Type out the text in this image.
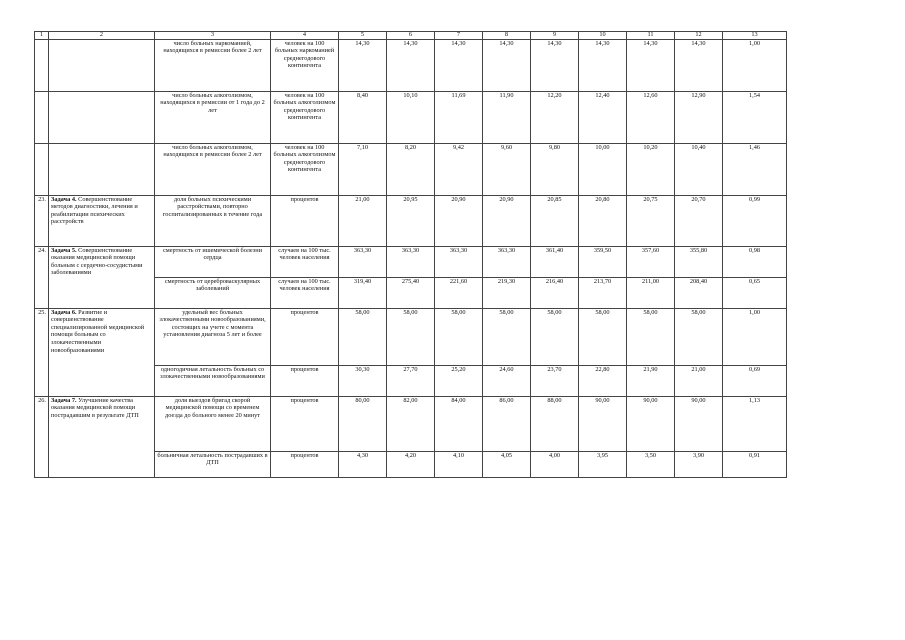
1	2	3	4	5	6	7	8	9	10	11	12	13
		число больных наркоманией, находящихся в ремиссии более 2 лет	человек на 100 больных наркоманией среднегодового контингента	14,30	14,30	14,30	14,30	14,30	14,30	14,30	14,30	1,00
		число больных алкоголизмом, находящихся в ремиссии от 1 года до 2 лет	человек на 100 больных алкоголизмом среднегодового контингента	8,40	10,10	11,69	11,90	12,20	12,40	12,60	12,90	1,54
		число больных алкоголизмом, находящихся в ремиссии более 2 лет	человек на 100 больных алкоголизмом среднегодового контингента	7,10	8,20	9,42	9,60	9,80	10,00	10,20	10,40	1,46
23.	Задача 4. Совершенствование методов диагностики, лечения и реабилитации психических расстройств	доля больных психическими расстройствами, повторно госпитализированных в течение года	процентов	21,00	20,95	20,90	20,90	20,85	20,80	20,75	20,70	0,99
24.	Задача 5. Совершенствование оказания медицинской помощи больным с сердечно-сосудистыми заболеваниями	смертность от ишемической болезни сердца	случаев на 100 тыс. человек населения	363,30	363,30	363,30	363,30	361,40	359,50	357,60	355,80	0,98
		смертность от цереброваскулярных заболеваний	случаев на 100 тыс. человек населения	319,40	275,40	221,60	219,30	216,40	213,70	211,00	208,40	0,65
25.	Задача 6. Развитие и совершенствование специализированной медицинской помощи больным со злокачественными новообразованиями	удельный вес больных злокачественными новообразованиями, состоящих на учете с момента установления диагноза 5 лет и более	процентов	58,00	58,00	58,00	58,00	58,00	58,00	58,00	58,00	1,00
		одногодичная летальность больных со злокачественными новообразованиями	процентов	30,30	27,70	25,20	24,60	23,70	22,80	21,90	21,00	0,69
26.	Задача 7. Улучшение качества оказания медицинской помощи пострадавшим в результате ДТП	доля выездов бригад скорой медицинской помощи со временем доезда до больного менее 20 минут	процентов	80,00	82,00	84,00	86,00	88,00	90,00	90,00	90,00	1,13
		больничная летальность пострадавших в ДТП	процентов	4,30	4,20	4,10	4,05	4,00	3,95	3,50	3,90	0,91
